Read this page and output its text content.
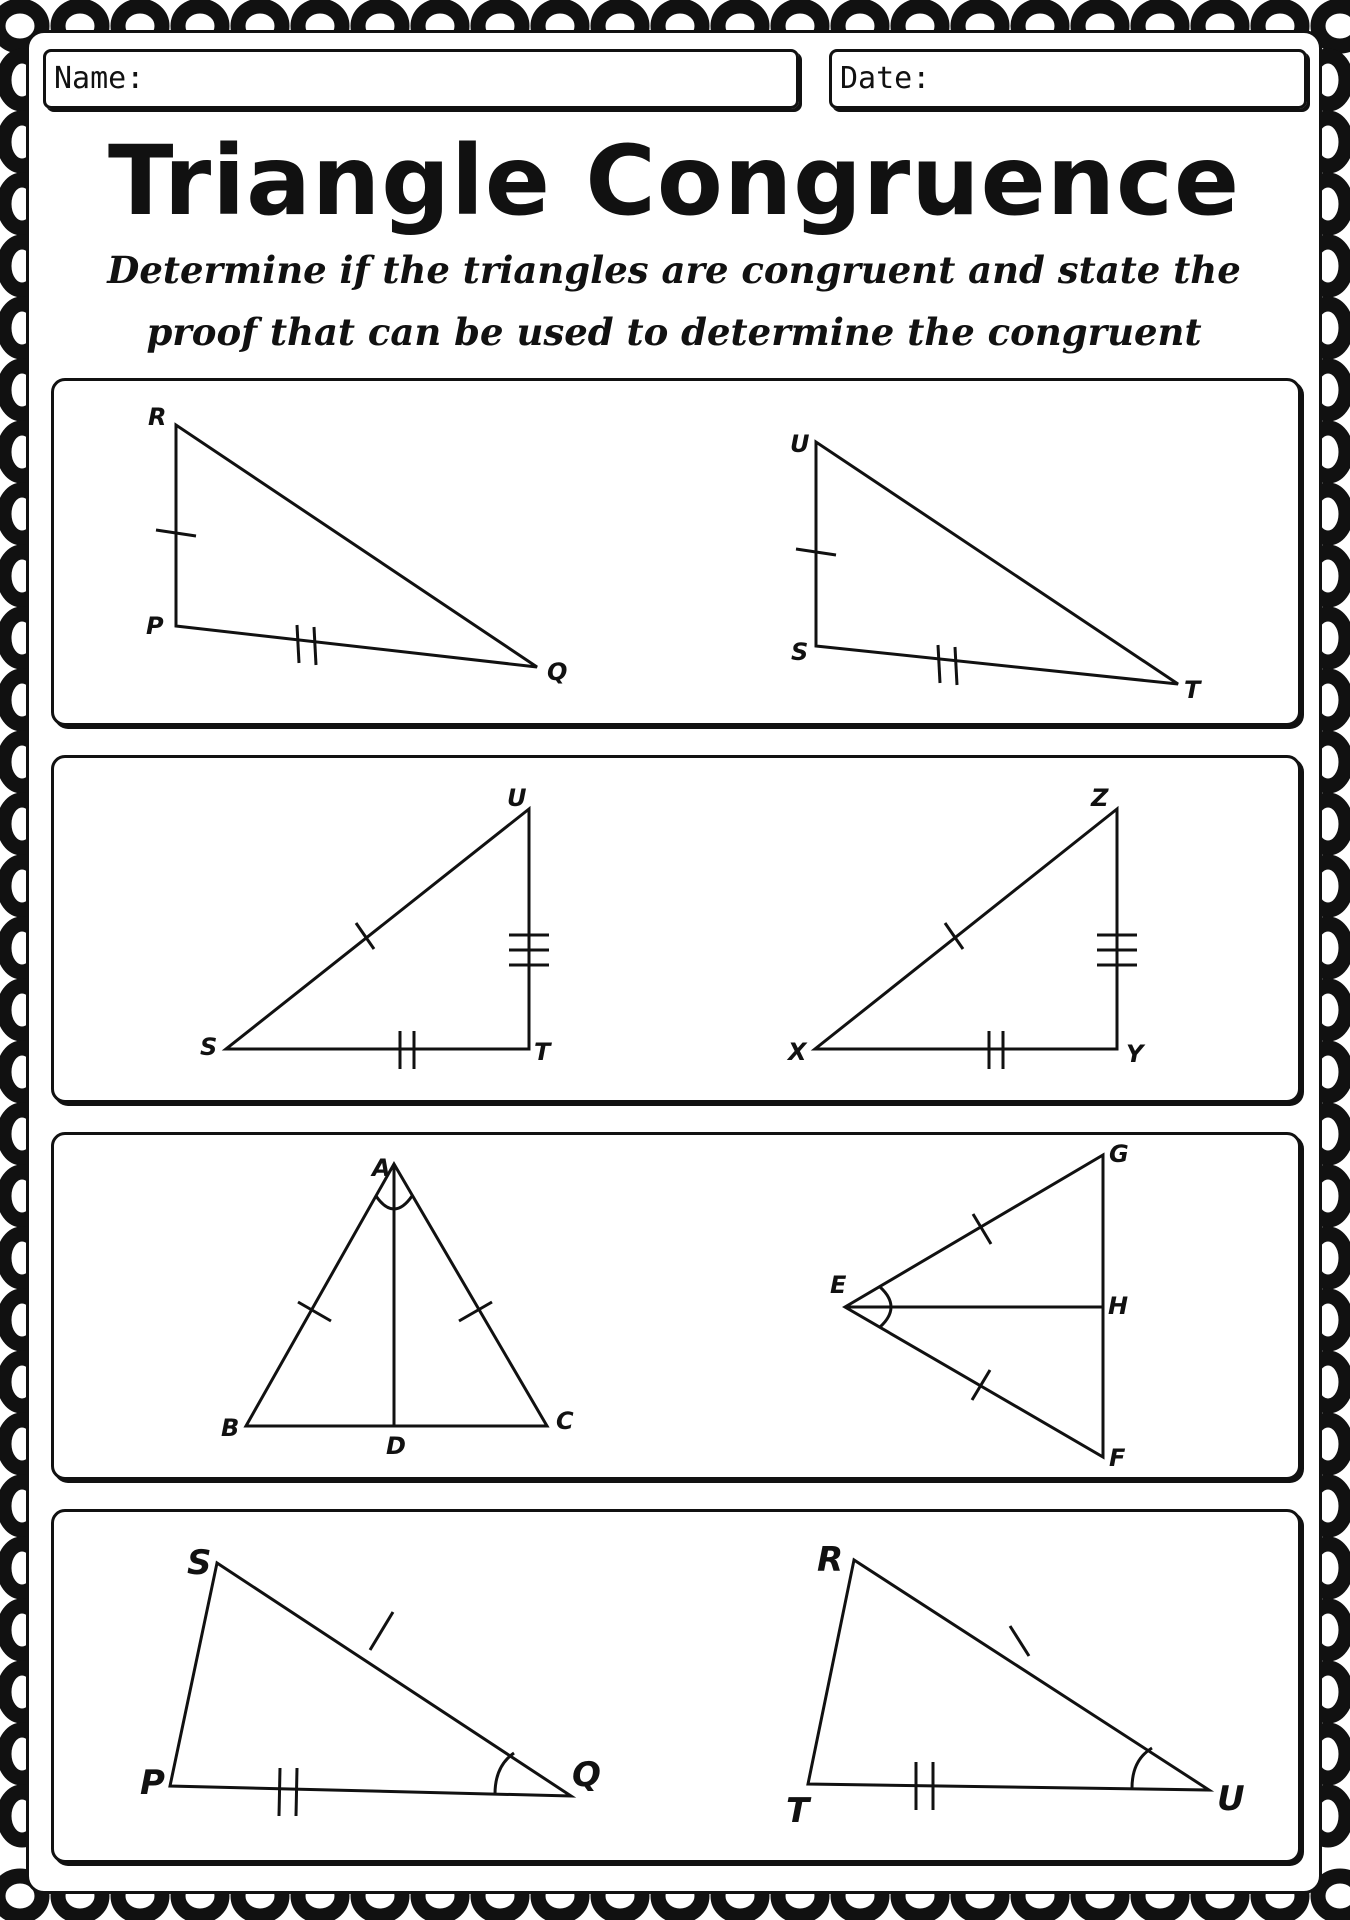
Name:	Date:
Triangle Congruence
Determine if the triangles are congruent and state the proof that can be used to determine the congruent
R
P
Q
U
S
T
U
S	T
Z
X	Y
A
B	C
D
G
E
H
F
S
P	Q
R
T	U
